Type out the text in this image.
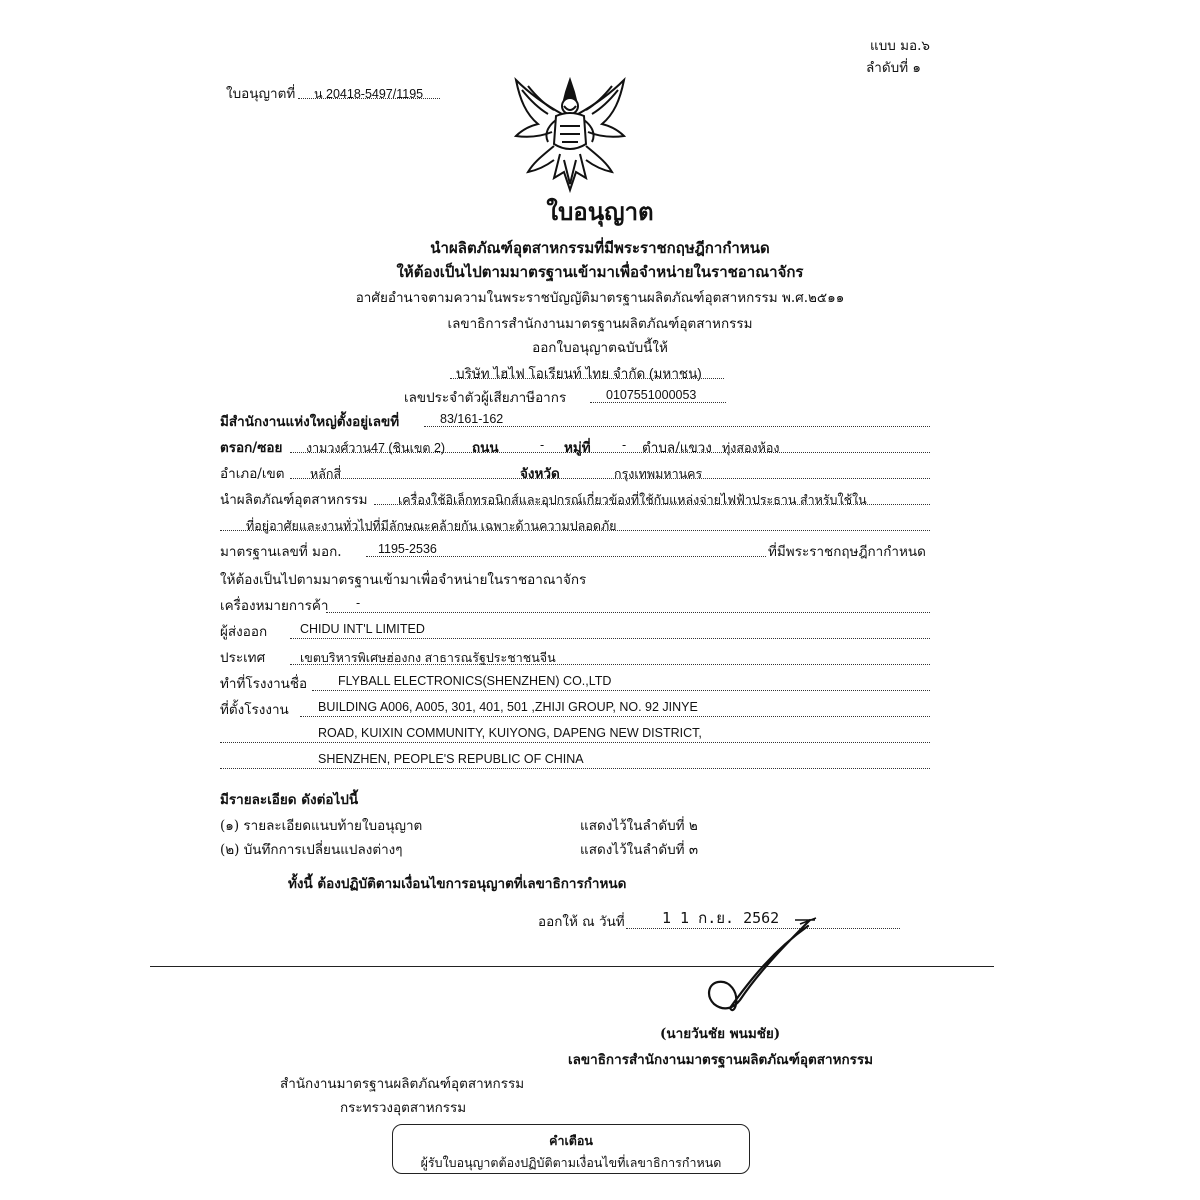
แบบ มอ.๖
ลำดับที่ ๑
ใบอนุญาตที่ น 20418-5497/1195
ใบอนุญาต
นำผลิตภัณฑ์อุตสาหกรรมที่มีพระราชกฤษฎีกากำหนด
ให้ต้องเป็นไปตามมาตรฐานเข้ามาเพื่อจำหน่ายในราชอาณาจักร
อาศัยอำนาจตามความในพระราชบัญญัติมาตรฐานผลิตภัณฑ์อุตสาหกรรม พ.ศ.๒๕๑๑
เลขาธิการสำนักงานมาตรฐานผลิตภัณฑ์อุตสาหกรรม
ออกใบอนุญาตฉบับนี้ให้
บริษัท ไฮไฟ โอเรียนท์ ไทย จำกัด (มหาชน)
เลขประจำตัวผู้เสียภาษีอากร	0107551000053
มีสำนักงานแห่งใหญ่ตั้งอยู่เลขที่	83/161-162
ตรอก/ซอย งามวงศ์วาน47 (ชินเขต 2) ถนน	- หมู่ที่	- ตำบล/แขวง ทุ่งสองห้อง
อำเภอ/เขต หลักสี่	จังหวัด	กรุงเทพมหานคร
นำผลิตภัณฑ์อุตสาหกรรม เครื่องใช้อิเล็กทรอนิกส์และอุปกรณ์เกี่ยวข้องที่ใช้กับแหล่งจ่ายไฟฟ้าประธาน สำหรับใช้ใน
ที่อยู่อาศัยและงานทั่วไปที่มีลักษณะคล้ายกัน เฉพาะด้านความปลอดภัย
มาตรฐานเลขที่ มอก.	1195-2536	ที่มีพระราชกฤษฎีกากำหนด
ให้ต้องเป็นไปตามมาตรฐานเข้ามาเพื่อจำหน่ายในราชอาณาจักร
เครื่องหมายการค้า -
ผู้ส่งออก	CHIDU INT'L LIMITED
ประเทศ	เขตบริหารพิเศษฮ่องกง สาธารณรัฐประชาชนจีน
ทำที่โรงงานชื่อ FLYBALL ELECTRONICS(SHENZHEN) CO.,LTD
ที่ตั้งโรงงาน BUILDING A006, A005, 301, 401, 501 ,ZHIJI GROUP, NO. 92 JINYE
ROAD, KUIXIN COMMUNITY, KUIYONG, DAPENG NEW DISTRICT,
SHENZHEN, PEOPLE'S REPUBLIC OF CHINA
มีรายละเอียด ดังต่อไปนี้
(๑) รายละเอียดแนบท้ายใบอนุญาต	แสดงไว้ในลำดับที่ ๒
(๒) บันทึกการเปลี่ยนแปลงต่างๆ	แสดงไว้ในลำดับที่ ๓
ทั้งนี้ ต้องปฏิบัติตามเงื่อนไขการอนุญาตที่เลขาธิการกำหนด
ออกให้ ณ วันที่ 1 1 ก.ย. 2562
(นายวันชัย พนมชัย)
เลขาธิการสำนักงานมาตรฐานผลิตภัณฑ์อุตสาหกรรม
สำนักงานมาตรฐานผลิตภัณฑ์อุตสาหกรรม
กระทรวงอุตสาหกรรม
คำเตือน
ผู้รับใบอนุญาตต้องปฏิบัติตามเงื่อนไขที่เลขาธิการกำหนด
